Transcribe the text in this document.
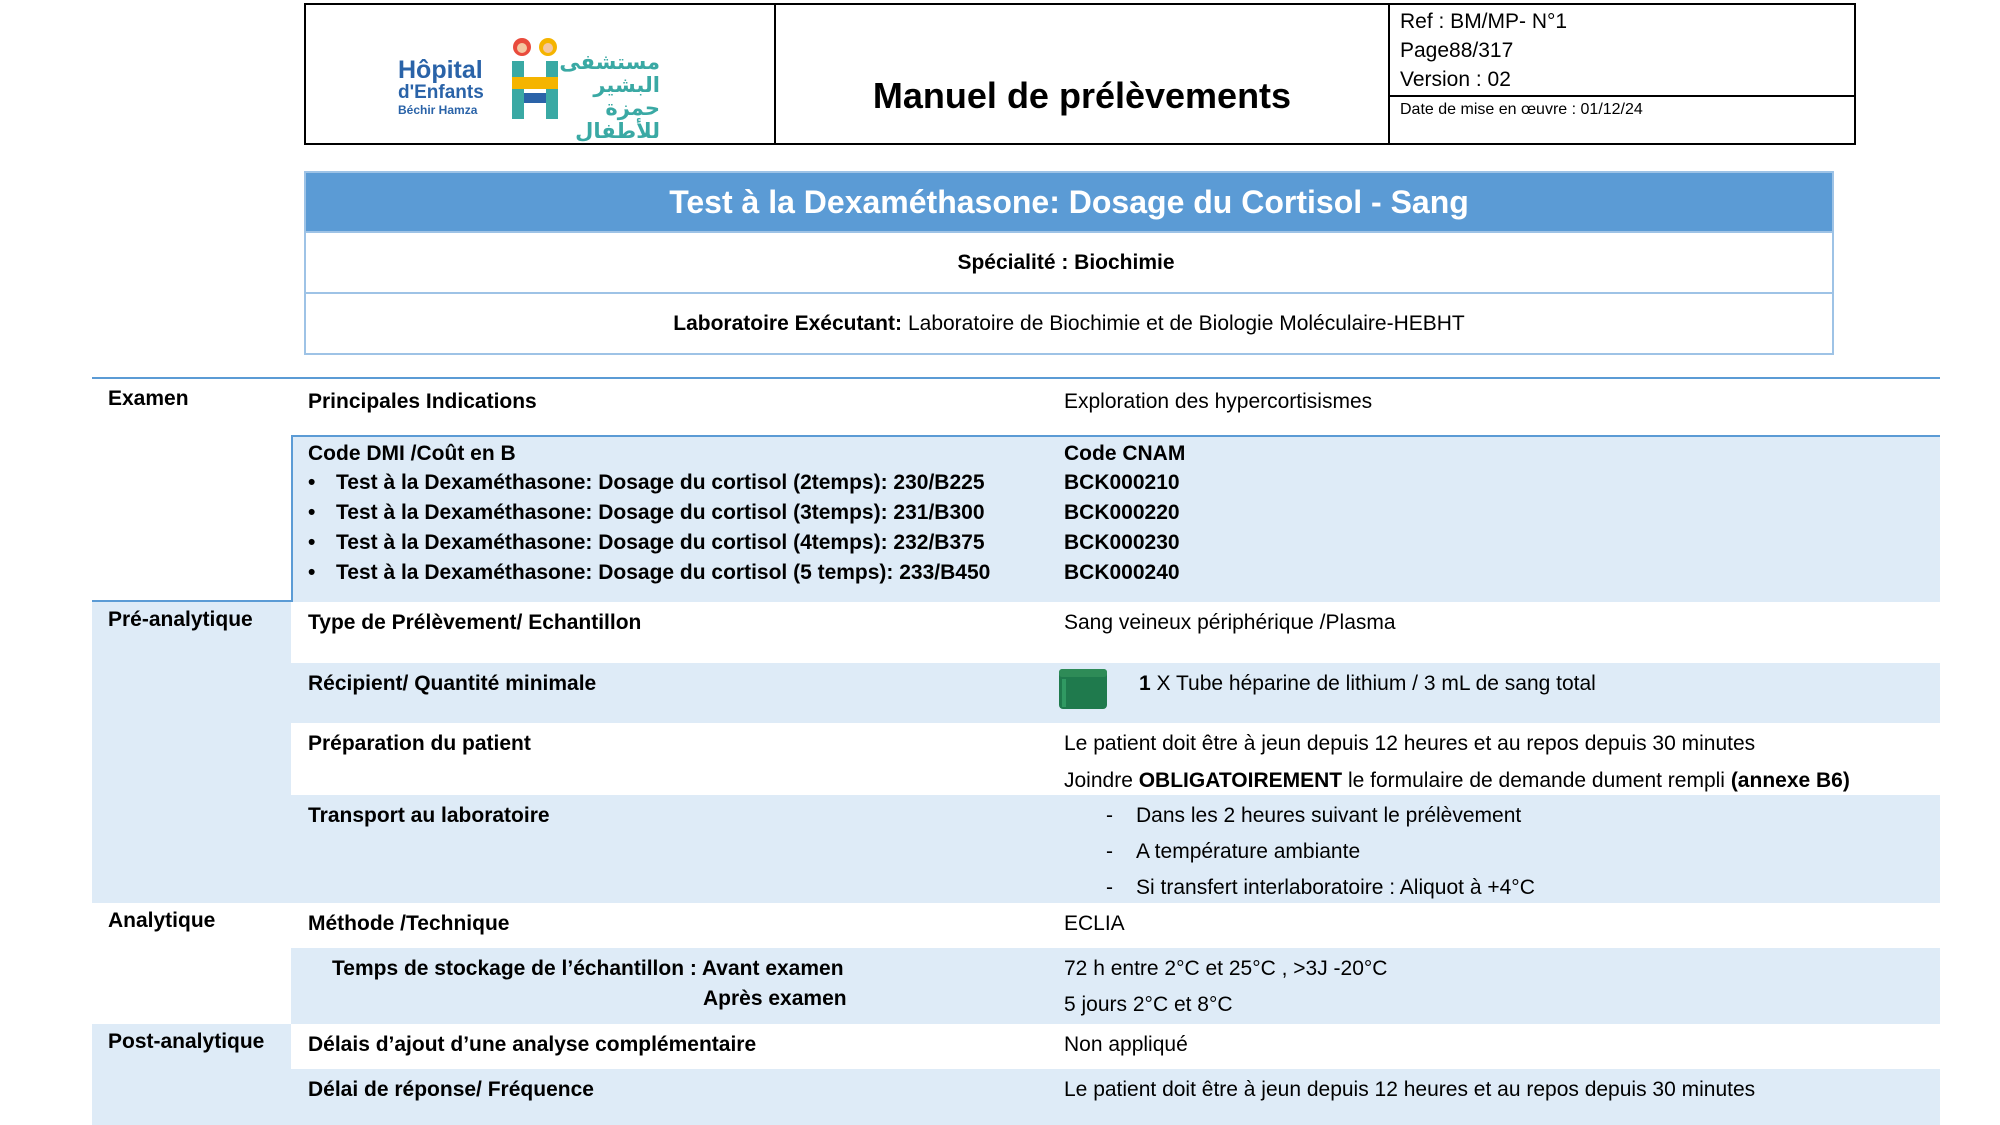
Hôpital
d'Enfants
Béchir Hamza
مستشفى
البشير حمزة
للأطفال
Manuel de prélèvements
Ref : BM/MP- N°1
Page88/317
Version : 02
Date de mise en œuvre : 01/12/24
Test à la Dexaméthasone: Dosage du Cortisol - Sang
Spécialité : Biochimie
Laboratoire Exécutant: Laboratoire de Biochimie et de Biologie Moléculaire-HEBHT
Examen	Principales Indications	Exploration des hypercortisismes
Code DMI /Coût en B
• Test à la Dexaméthasone: Dosage du cortisol (2temps): 230/B225
• Test à la Dexaméthasone: Dosage du cortisol (3temps): 231/B300
• Test à la Dexaméthasone: Dosage du cortisol (4temps): 232/B375
• Test à la Dexaméthasone: Dosage du cortisol (5 temps): 233/B450
Code CNAM
BCK000210
BCK000220
BCK000230
BCK000240
Pré-analytique	Type de Prélèvement/ Echantillon	Sang veineux périphérique /Plasma
Récipient/ Quantité minimale	1 X Tube héparine de lithium / 3 mL de sang total
Préparation du patient	Le patient doit être à jeun depuis 12 heures et au repos depuis 30 minutes
Joindre OBLIGATOIREMENT le formulaire de demande dument rempli (annexe B6)
Transport au laboratoire
-	Dans les 2 heures suivant le prélèvement
- A température ambiante
- Si transfert interlaboratoire : Aliquot à +4°C
Analytique	Méthode /Technique	ECLIA
Temps de stockage de l’échantillon : Avant examen
Après examen
72 h entre 2°C et 25°C , >3J -20°C
5 jours 2°C et 8°C
Post-analytique Délais d’ajout d’une analyse complémentaire	Non appliqué
Délai de réponse/ Fréquence	Le patient doit être à jeun depuis 12 heures et au repos depuis 30 minutes
